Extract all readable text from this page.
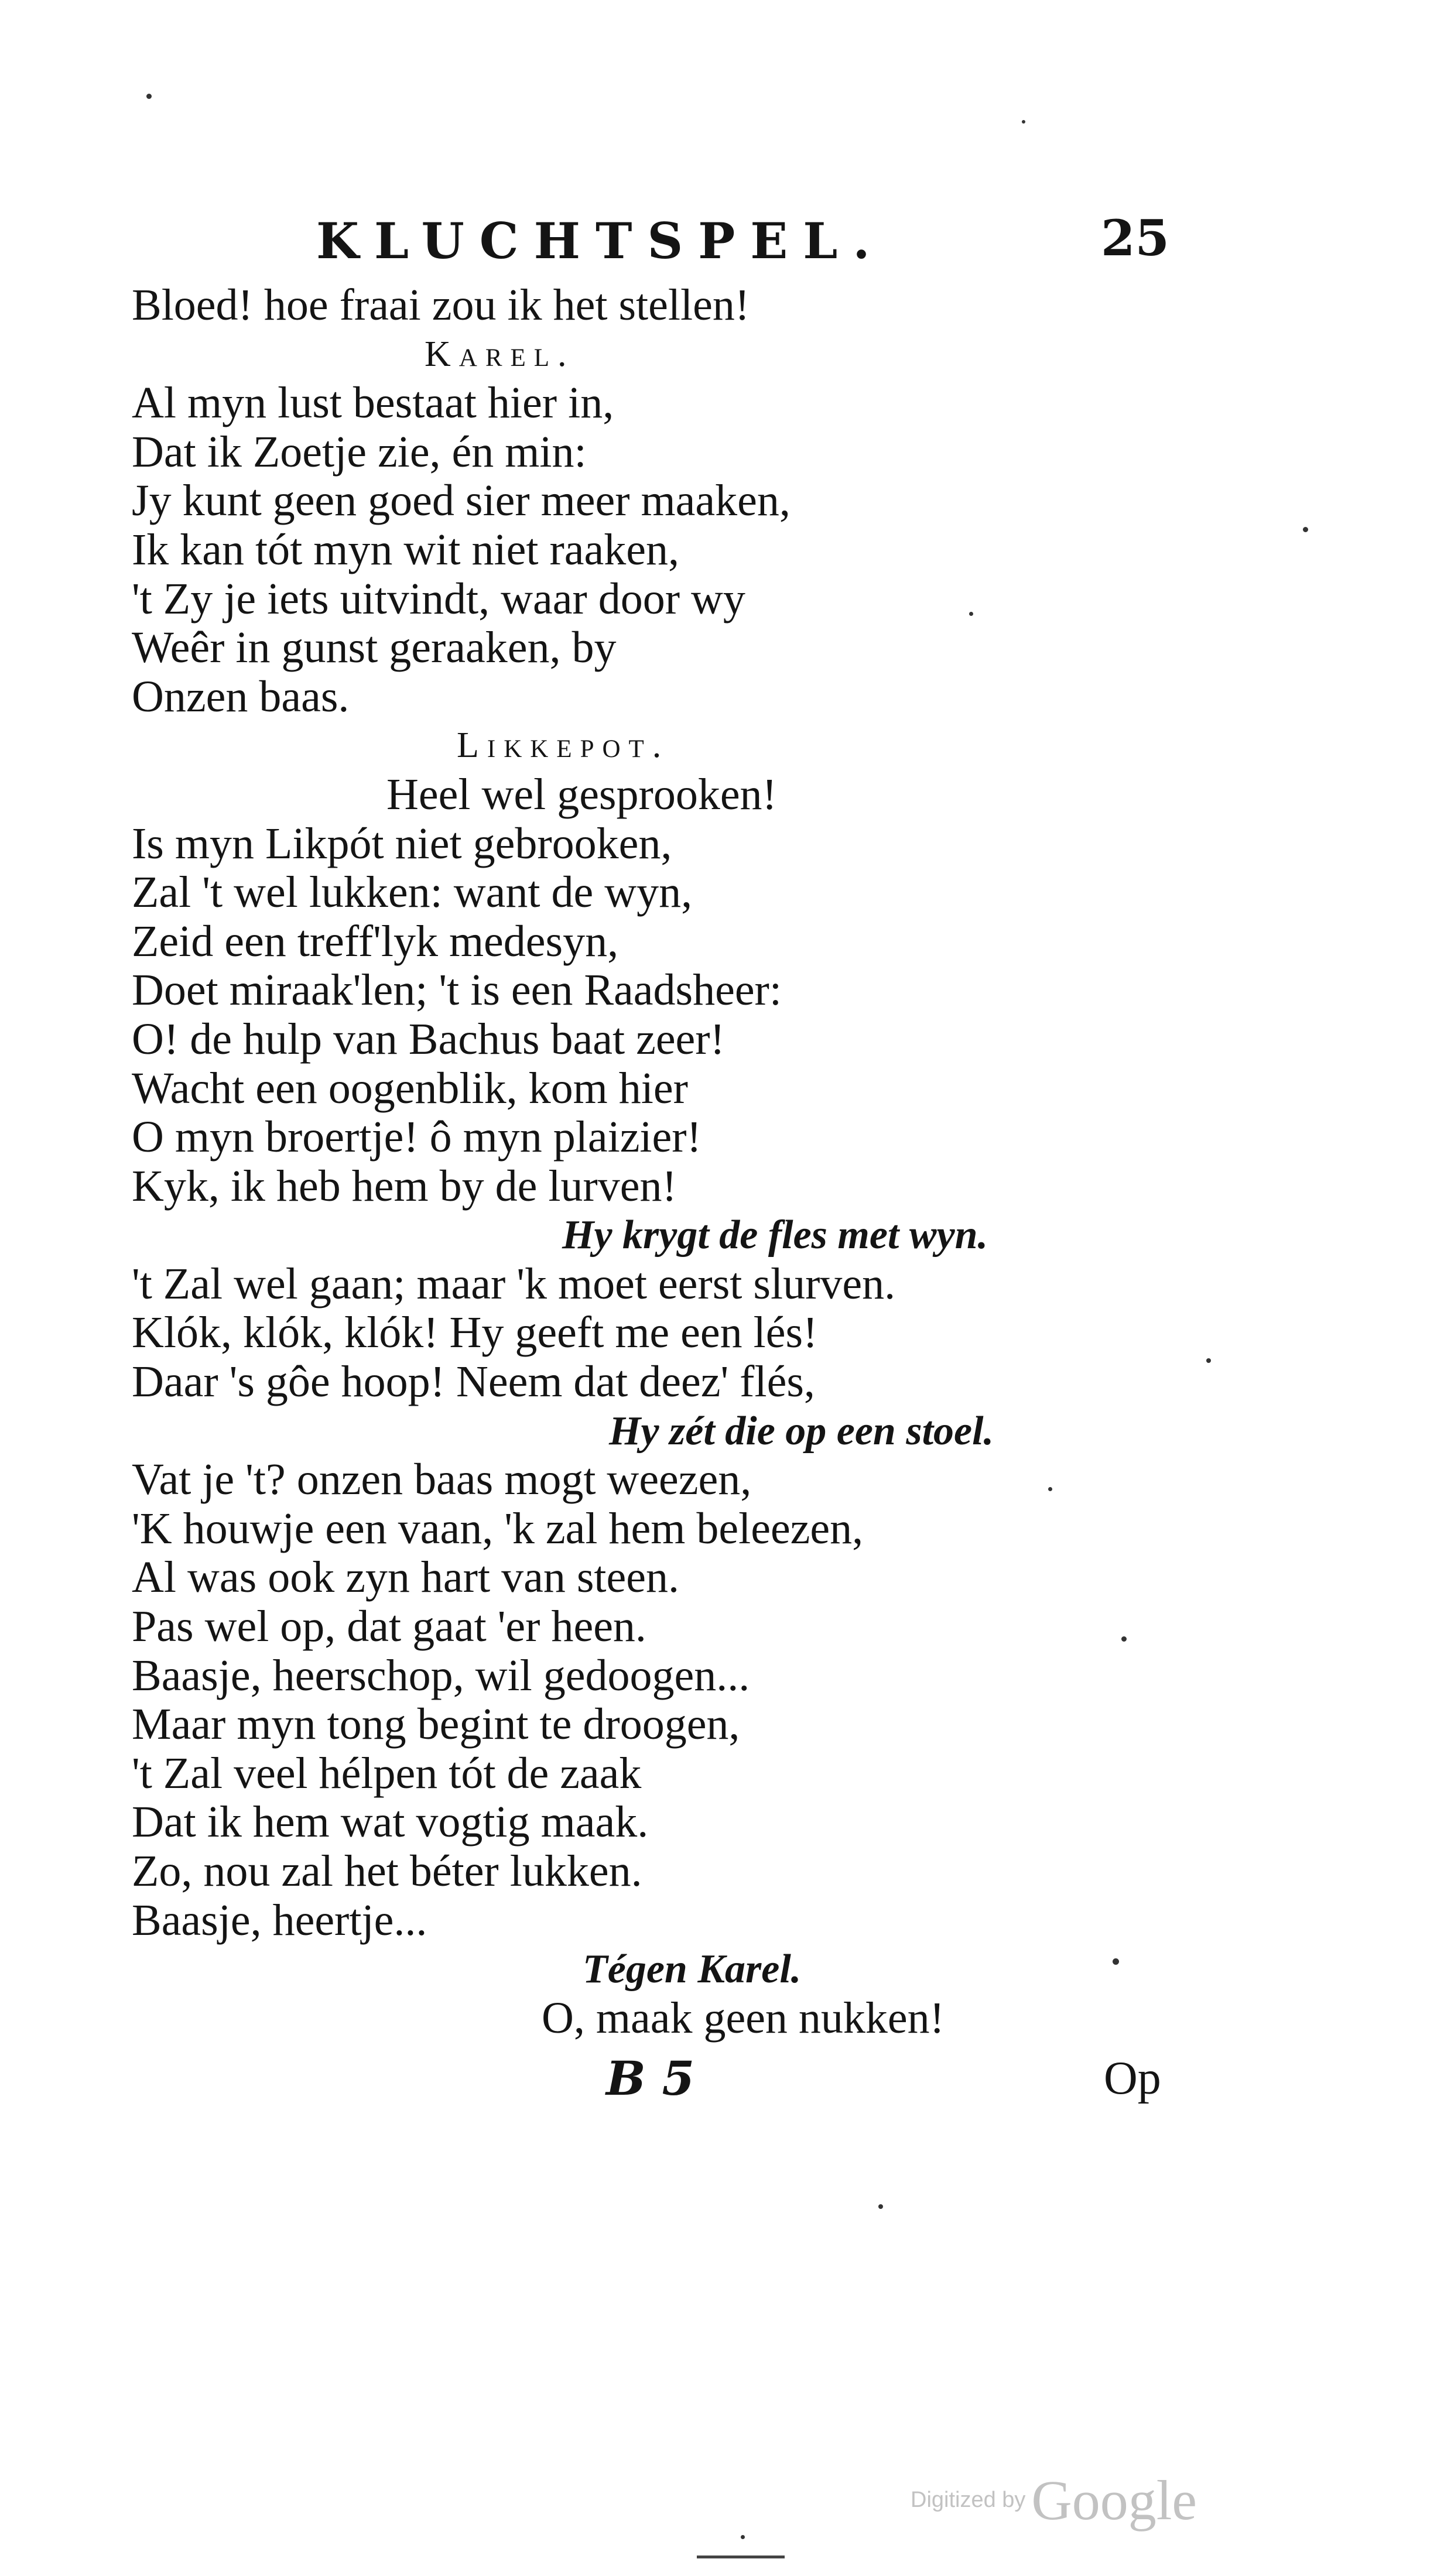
KLUCHTSPEL.	25
Bloed! hoe fraai zou ik het stellen!
Karel.
Al myn lust bestaat hier in,
Dat ik Zoetje zie, én min:
Jy kunt geen goed sier meer maaken,
Ik kan tót myn wit niet raaken,
't Zy je iets uitvindt, waar door wy
Weêr in gunst geraaken, by
Onzen baas.
Likkepot.
Heel wel gesprooken!
Is myn Likpót niet gebrooken,
Zal 't wel lukken: want de wyn,
Zeid een treff'lyk medesyn,
Doet miraak'len; 't is een Raadsheer:
O! de hulp van Bachus baat zeer!
Wacht een oogenblik, kom hier
O myn broertje! ô myn plaizier!
Kyk, ik heb hem by de lurven!
Hy krygt de fles met wyn.
't Zal wel gaan; maar 'k moet eerst slurven.
Klók, klók, klók! Hy geeft me een lés!
Daar 's gôe hoop! Neem dat deez' flés,
Hy zét die op een stoel.
Vat je 't? onzen baas mogt weezen,
'K houwje een vaan, 'k zal hem beleezen,
Al was ook zyn hart van steen.
Pas wel op, dat gaat 'er heen.
Baasje, heerschop, wil gedoogen...
Maar myn tong begint te droogen,
't Zal veel hélpen tót de zaak
Dat ik hem wat vogtig maak.
Zo, nou zal het béter lukken.
Baasje, heertje...
Tégen Karel.
O, maak geen nukken!
B 5	Op
Digitized by Google
